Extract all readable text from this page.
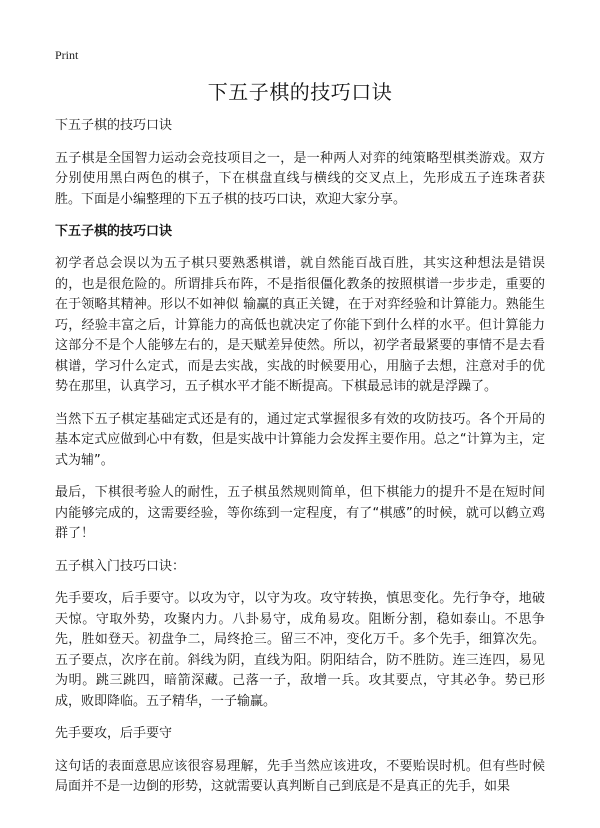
Print
下五子棋的技巧口诀

下五子棋的技巧口诀

五子棋是全国智力运动会竞技项目之一，是一种两人对弈的纯策略型棋类游戏。双方分别使用黑白两色的棋子，下在棋盘直线与横线的交叉点上，先形成五子连珠者获胜。下面是小编整理的下五子棋的技巧口诀，欢迎大家分享。

下五子棋的技巧口诀

初学者总会误以为五子棋只要熟悉棋谱，就自然能百战百胜，其实这种想法是错误的，也是很危险的。所谓排兵布阵，不是指很僵化教条的按照棋谱一步步走，重要的在于领略其精神。形以不如神似 输赢的真正关键，在于对弈经验和计算能力。熟能生巧，经验丰富之后，计算能力的高低也就决定了你能下到什么样的水平。但计算能力这部分不是个人能够左右的，是天赋差异使然。所以，初学者最紧要的事情不是去看棋谱，学习什么定式，而是去实战，实战的时候要用心，用脑子去想，注意对手的优势在那里，认真学习，五子棋水平才能不断提高。下棋最忌讳的就是浮躁了。

当然下五子棋定基础定式还是有的，通过定式掌握很多有效的攻防技巧。各个开局的基本定式应做到心中有数，但是实战中计算能力会发挥主要作用。总之“计算为主，定式为辅”。

最后，下棋很考验人的耐性，五子棋虽然规则简单，但下棋能力的提升不是在短时间内能够完成的，这需要经验，等你练到一定程度，有了“棋感”的时候，就可以鹤立鸡群了！

五子棋入门技巧口诀：

先手要攻，后手要守。以攻为守，以守为攻。攻守转换，慎思变化。先行争夺，地破天惊。守取外势，攻聚内力。八卦易守，成角易攻。阻断分割，稳如泰山。不思争先，胜如登天。初盘争二，局终抢三。留三不冲，变化万千。多个先手，细算次先。五子要点，次序在前。斜线为阴，直线为阳。阴阳结合，防不胜防。连三连四，易见为明。跳三跳四，暗箭深藏。己落一子，敌增一兵。攻其要点，守其必争。势已形成，败即降临。五子精华，一子输赢。

先手要攻，后手要守

这句话的表面意思应该很容易理解，先手当然应该进攻，不要贻误时机。但有些时候局面并不是一边倒的形势，这就需要认真判断自己到底是不是真正的先手，如果
